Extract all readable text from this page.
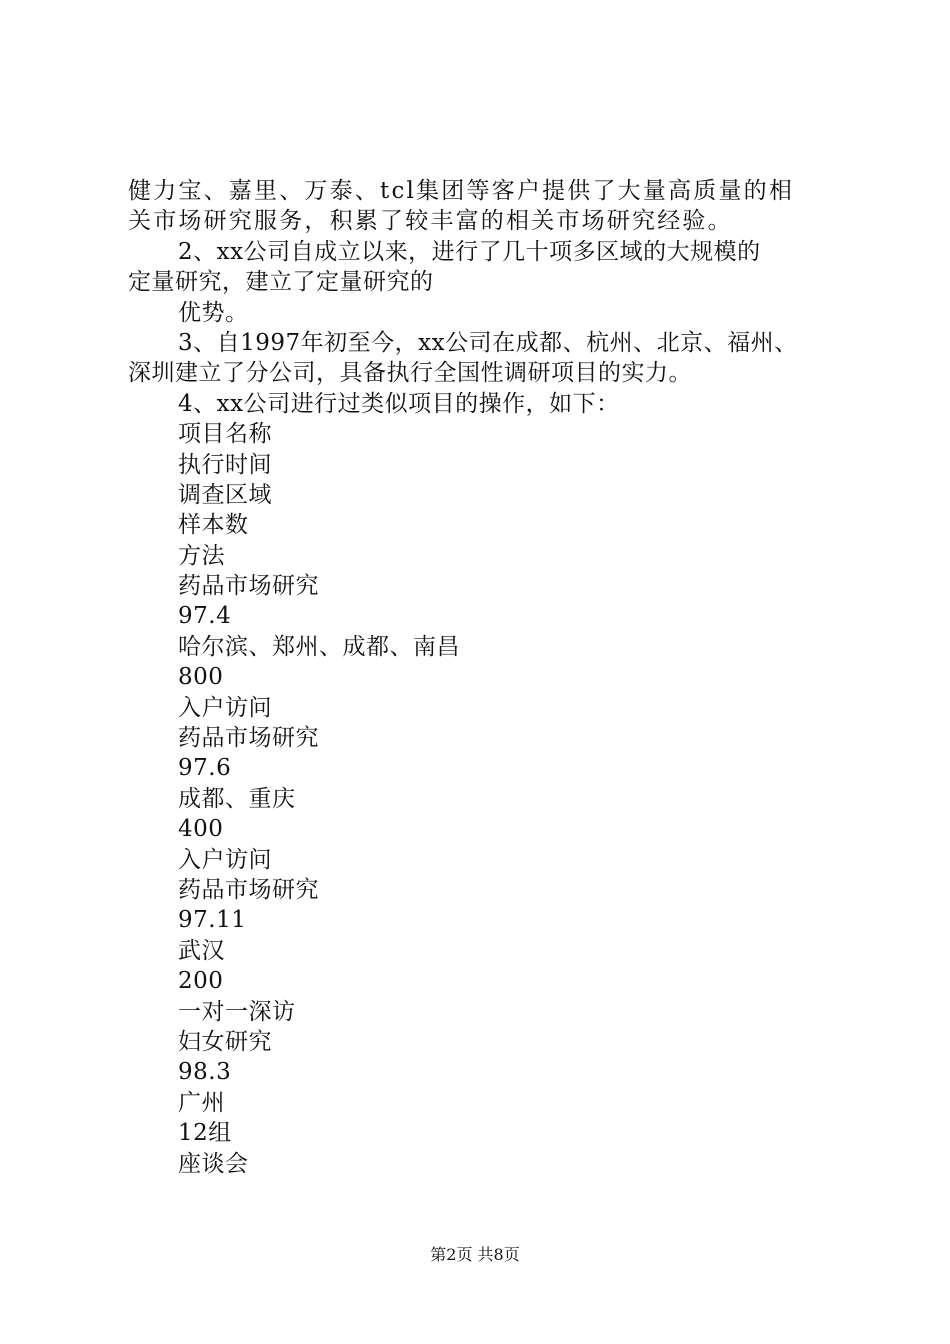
健力宝、嘉里、万泰、tcl集团等客户提供了大量高质量的相
关市场研究服务，积累了较丰富的相关市场研究经验。
2、xx公司自成立以来，进行了几十项多区域的大规模的
定量研究，建立了定量研究的
优势。
3、自1997年初至今，xx公司在成都、杭州、北京、福州、
深圳建立了分公司，具备执行全国性调研项目的实力。
4、xx公司进行过类似项目的操作，如下：
项目名称
执行时间
调查区域
样本数
方法
药品市场研究
97.4
哈尔滨、郑州、成都、南昌
800
入户访问
药品市场研究
97.6
成都、重庆
400
入户访问
药品市场研究
97.11
武汉
200
一对一深访
妇女研究
98.3
广州
12组
座谈会
第2页 共8页
